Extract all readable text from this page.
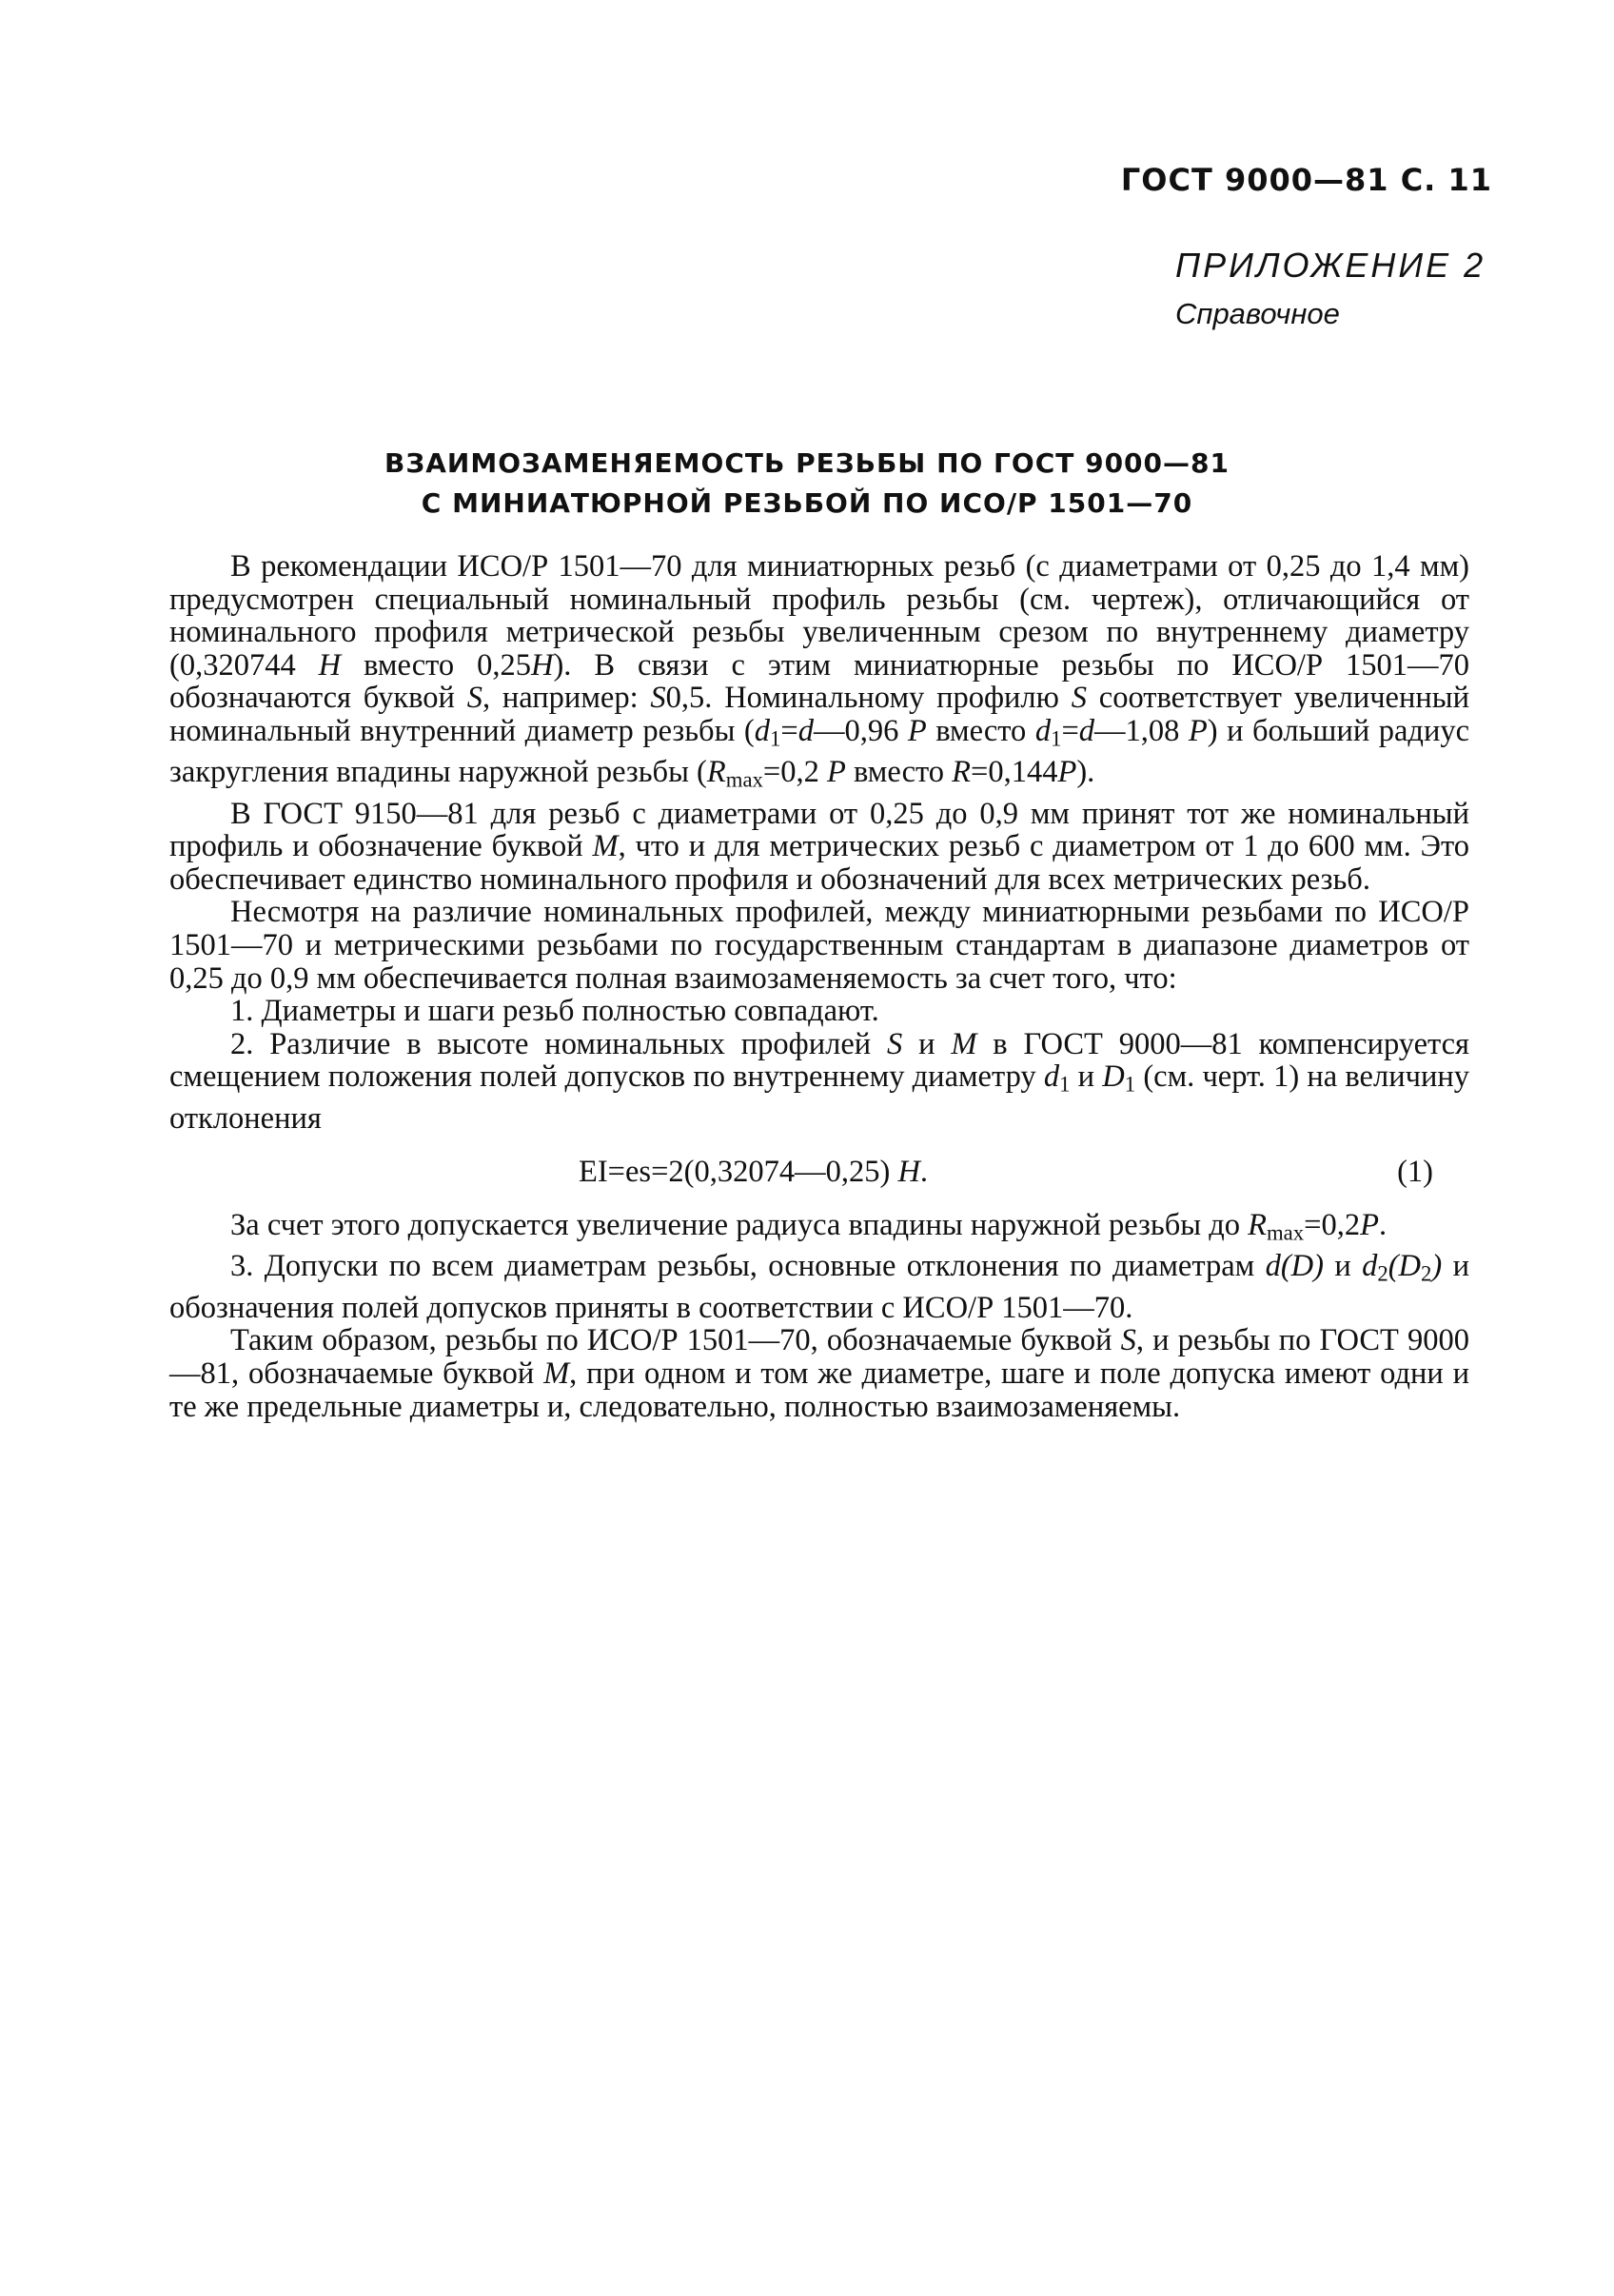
ГОСТ 9000—81 С. 11
ПРИЛОЖЕНИЕ 2
Справочное
ВЗАИМОЗАМЕНЯЕМОСТЬ РЕЗЬБЫ ПО ГОСТ 9000—81
С МИНИАТЮРНОЙ РЕЗЬБОЙ ПО ИСО/Р 1501—70

В рекомендации ИСО/Р 1501—70 для миниатюрных резьб (с диаметрами от 0,25 до 1,4 мм) предусмотрен специальный номинальный профиль резьбы (см. чертеж), отличающийся от номинального профиля метрической резьбы увеличенным срезом по внутреннему диаметру (0,320744 H вместо 0,25H). В связи с этим миниатюрные резьбы по ИСО/Р 1501—70 обозначаются буквой S, например: S0,5. Номинальному профилю S соответствует увеличенный номинальный внутренний диаметр резьбы ($d_1=d—0,96$ P вместо $d_1=d—1,08$ P) и больший радиус закругления впадины наружной резьбы ($R_{max}=0,2$ P вместо R=0,144P).

В ГОСТ 9150—81 для резьб с диаметрами от 0,25 до 0,9 мм принят тот же номинальный профиль и обозначение буквой M, что и для метрических резьб с диаметром от 1 до 600 мм. Это обеспечивает единство номинального профиля и обозначений для всех метрических резьб.

Несмотря на различие номинальных профилей, между миниатюрными резьбами по ИСО/Р 1501—70 и метрическими резьбами по государственным стандартам в диапазоне диаметров от 0,25 до 0,9 мм обеспечивается полная взаимозаменяемость за счет того, что:

1. Диаметры и шаги резьб полностью совпадают.

2. Различие в высоте номинальных профилей S и M в ГОСТ 9000—81 компенсируется смещением положения полей допусков по внутреннему диаметру $d_1$ и $D_1$ (см. черт. 1) на величину отклонения

EI=es=2(0,32074—0,25) H.	(1)

За счет этого допускается увеличение радиуса впадины наружной резьбы до $R_{max}=0,2P$.

3. Допуски по всем диаметрам резьбы, основные отклонения по диаметрам d(D) и $d_2(D_2)$ и обозначения полей допусков приняты в соответствии с ИСО/Р 1501—70.

Таким образом, резьбы по ИСО/Р 1501—70, обозначаемые буквой S, и резьбы по ГОСТ 9000—81, обозначаемые буквой M, при одном и том же диаметре, шаге и поле допуска имеют одни и те же предельные диаметры и, следовательно, полностью взаимозаменяемы.
